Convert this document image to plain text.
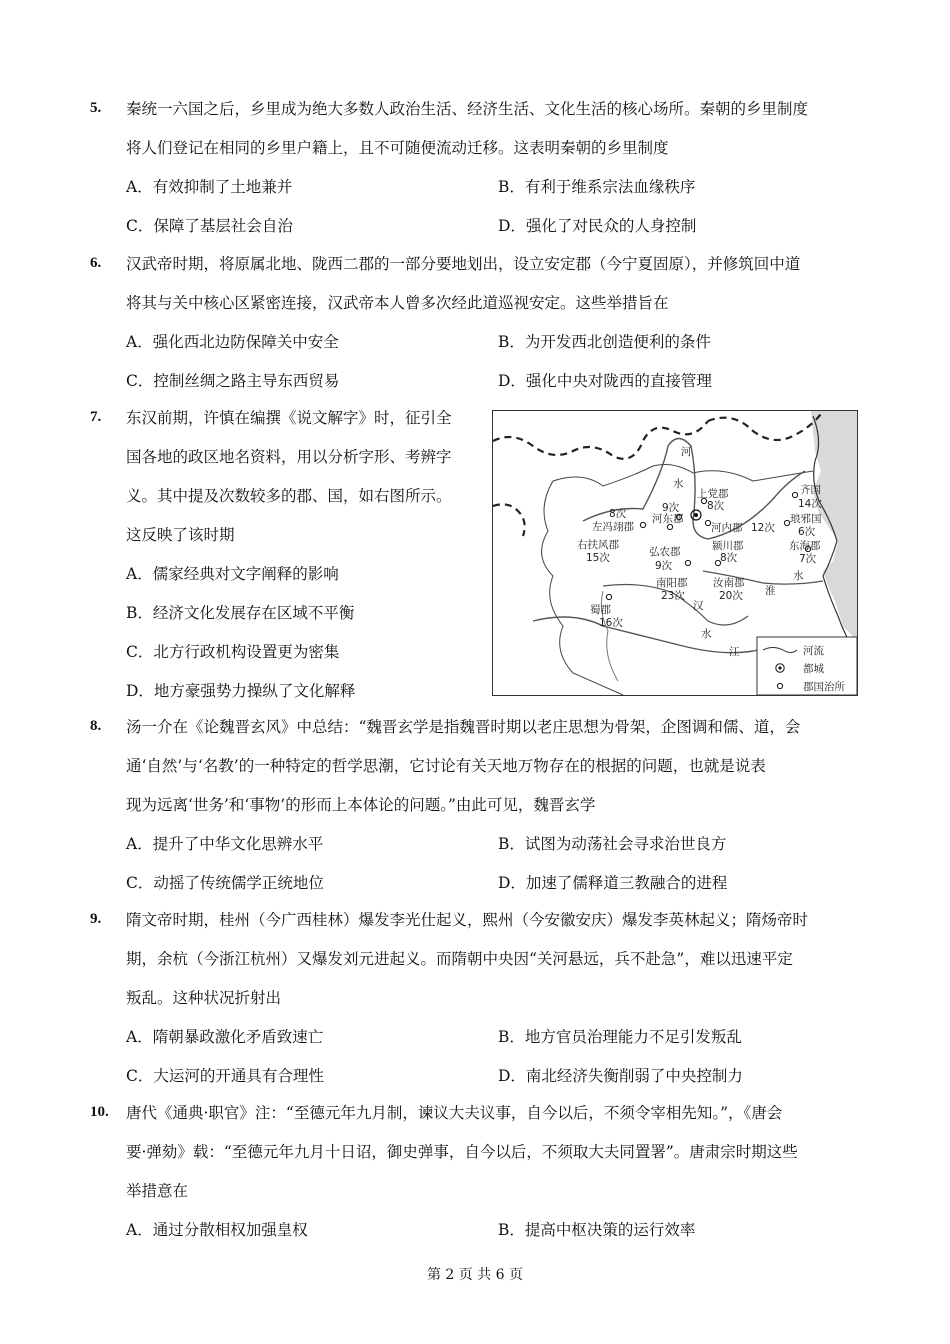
5. 秦统一六国之后，乡里成为绝大多数人政治生活、经济生活、文化生活的核心场所。秦朝的乡里制度
将人们登记在相同的乡里户籍上，且不可随便流动迁移。这表明秦朝的乡里制度
A．有效抑制了土地兼并	B．有利于维系宗法血缘秩序
C．保障了基层社会自治	D．强化了对民众的人身控制
6. 汉武帝时期，将原属北地、陇西二郡的一部分要地划出，设立安定郡（今宁夏固原），并修筑回中道
将其与关中核心区紧密连接，汉武帝本人曾多次经此道巡视安定。这些举措旨在
A．强化西北边防保障关中安全	B．为开发西北创造便利的条件
C．控制丝绸之路主导东西贸易	D．强化中央对陇西的直接管理
7. 东汉前期，许慎在编撰《说文解字》时，征引全
国各地的政区地名资料，用以分析字形、考辨字
义。其中提及次数较多的郡、国，如右图所示。
这反映了该时期
A．儒家经典对文字阐释的影响
B．经济文化发展存在区域不平衡
C．北方行政机构设置更为密集
D．地方豪强势力操纵了文化解释
9次
河东郡
8次
左冯翊郡
右扶风郡
15次
上党郡
8次
河内郡 12次
弘农郡
9次
颍川郡
8次
南阳郡
23次
汝南郡
20次
蜀郡
16次
齐国
14次
琅邪国
6次
东海郡
7次
河
水
汉
水
淮
水
江	河流
都城
郡国治所
8. 汤一介在《论魏晋玄风》中总结：“魏晋玄学是指魏晋时期以老庄思想为骨架，企图调和儒、道，会
通‘自然’与‘名教’的一种特定的哲学思潮，它讨论有关天地万物存在的根据的问题，也就是说表
现为远离‘世务’和‘事物’的形而上本体论的问题。”由此可见，魏晋玄学
A．提升了中华文化思辨水平	B．试图为动荡社会寻求治世良方
C．动摇了传统儒学正统地位	D．加速了儒释道三教融合的进程
9. 隋文帝时期，桂州（今广西桂林）爆发李光仕起义，熙州（今安徽安庆）爆发李英林起义；隋炀帝时
期，余杭（今浙江杭州）又爆发刘元进起义。而隋朝中央因“关河悬远，兵不赴急”，难以迅速平定
叛乱。这种状况折射出
A．隋朝暴政激化矛盾致速亡	B．地方官员治理能力不足引发叛乱
C．大运河的开通具有合理性	D．南北经济失衡削弱了中央控制力
10. 唐代《通典·职官》注：“至德元年九月制，谏议大夫议事，自今以后，不须令宰相先知。”，《唐会
要·弹劾》载：“至德元年九月十日诏，御史弹事，自今以后，不须取大夫同置署”。唐肃宗时期这些
举措意在
A．通过分散相权加强皇权	B．提高中枢决策的运行效率
第 2 页 共 6 页
